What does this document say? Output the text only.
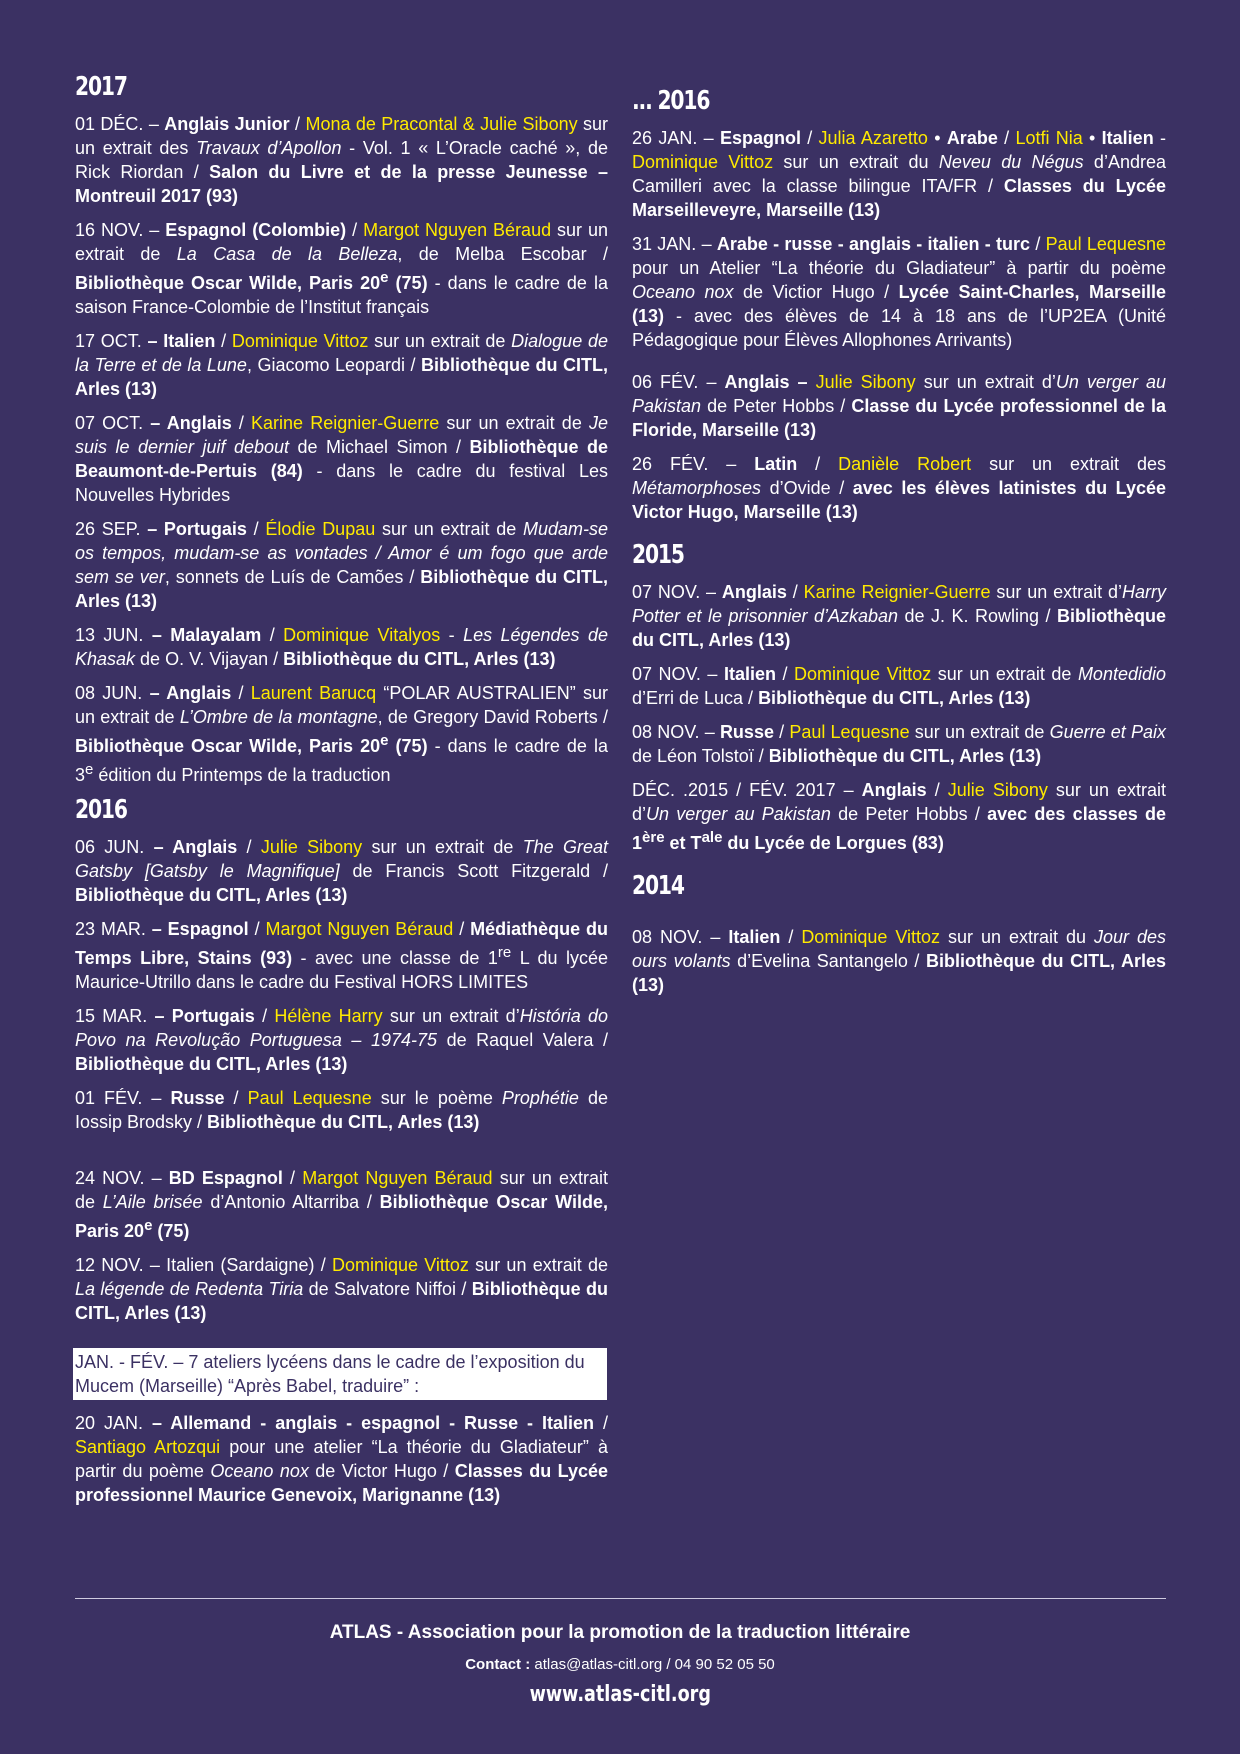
2017

01 DÉC. – Anglais Junior / Mona de Pracontal & Julie Sibony sur un extrait des Travaux d’Apollon - Vol. 1 « L’Oracle caché », de Rick Riordan / Salon du Livre et de la presse Jeunesse – Montreuil 2017 (93)

16 NOV. – Espagnol (Colombie) / Margot Nguyen Béraud sur un extrait de La Casa de la Belleza, de Melba Escobar / Bibliothèque Oscar Wilde, Paris 20e (75) - dans le cadre de la saison France-Colombie de l’Institut français

17 OCT. – Italien / Dominique Vittoz sur un extrait de Dialogue de la Terre et de la Lune, Giacomo Leopardi / Bibliothèque du CITL, Arles (13)

07 OCT. – Anglais / Karine Reignier-Guerre sur un extrait de Je suis le dernier juif debout de Michael Simon / Bibliothèque de Beaumont-de-Pertuis (84) - dans le cadre du festival Les Nouvelles Hybrides

26 SEP. – Portugais / Élodie Dupau sur un extrait de Mudam-se os tempos, mudam-se as vontades / Amor é um fogo que arde sem se ver, sonnets de Luís de Camões / Bibliothèque du CITL, Arles (13)

13 JUN. – Malayalam / Dominique Vitalyos - Les Légendes de Khasak de O. V. Vijayan / Bibliothèque du CITL, Arles (13)

08 JUN. – Anglais / Laurent Barucq “POLAR AUSTRALIEN” sur un extrait de L’Ombre de la montagne, de Gregory David Roberts / Bibliothèque Oscar Wilde, Paris 20e (75) - dans le cadre de la 3e édition du Printemps de la traduction

2016

06 JUN. – Anglais / Julie Sibony sur un extrait de The Great Gatsby [Gatsby le Magnifique] de Francis Scott Fitzgerald / Bibliothèque du CITL, Arles (13)

23 MAR. – Espagnol / Margot Nguyen Béraud / Médiathèque du Temps Libre, Stains (93) - avec une classe de 1re L du lycée Maurice-Utrillo dans le cadre du Festival HORS LIMITES

15 MAR. – Portugais / Hélène Harry sur un extrait d’História do Povo na Revolução Portuguesa – 1974-75 de Raquel Valera / Bibliothèque du CITL, Arles (13)

01 FÉV. – Russe / Paul Lequesne sur le poème Prophétie de Iossip Brodsky / Bibliothèque du CITL, Arles (13)

24 NOV. – BD Espagnol / Margot Nguyen Béraud sur un extrait de L’Aile brisée d’Antonio Altarriba / Bibliothèque Oscar Wilde, Paris 20e (75)

12 NOV. – Italien (Sardaigne) / Dominique Vittoz sur un extrait de La légende de Redenta Tiria de Salvatore Niffoi / Bibliothèque du CITL, Arles (13)

JAN. - FÉV. – 7 ateliers lycéens dans le cadre de l’exposition du Mucem (Marseille) “Après Babel, traduire” :

20 JAN. – Allemand - anglais - espagnol - Russe - Italien / Santiago Artozqui pour une atelier “La théorie du Gladiateur” à partir du poème Oceano nox de Victor Hugo / Classes du Lycée professionnel Maurice Genevoix, Marignanne (13)

... 2016

26 JAN. – Espagnol / Julia Azaretto • Arabe / Lotfi Nia • Italien - Dominique Vittoz sur un extrait du Neveu du Négus d’Andrea Camilleri avec la classe bilingue ITA/FR / Classes du Lycée Marseilleveyre, Marseille (13)

31 JAN. – Arabe - russe - anglais - italien - turc / Paul Lequesne pour un Atelier “La théorie du Gladiateur” à partir du poème Oceano nox de Victior Hugo / Lycée Saint-Charles, Marseille (13) - avec des élèves de 14 à 18 ans de l’UP2EA (Unité Pédagogique pour Élèves Allophones Arrivants)

06 FÉV. – Anglais – Julie Sibony sur un extrait d’Un verger au Pakistan de Peter Hobbs / Classe du Lycée professionnel de la Floride, Marseille (13)

26 FÉV. – Latin / Danièle Robert sur un extrait des Métamorphoses d’Ovide / avec les élèves latinistes du Lycée Victor Hugo, Marseille (13)

2015

07 NOV. – Anglais / Karine Reignier-Guerre sur un extrait d’Harry Potter et le prisonnier d’Azkaban de J. K. Rowling / Bibliothèque du CITL, Arles (13)

07 NOV. – Italien / Dominique Vittoz sur un extrait de Montedidio d’Erri de Luca / Bibliothèque du CITL, Arles (13)

08 NOV. – Russe / Paul Lequesne sur un extrait de Guerre et Paix de Léon Tolstoï / Bibliothèque du CITL, Arles (13)

DÉC. .2015 / FÉV. 2017 – Anglais / Julie Sibony sur un extrait d’Un verger au Pakistan de Peter Hobbs / avec des classes de 1ère et $T^{ale}$ du Lycée de Lorgues (83)

2014

08 NOV. – Italien / Dominique Vittoz sur un extrait du Jour des ours volants d’Evelina Santangelo / Bibliothèque du CITL, Arles (13)

ATLAS - Association pour la promotion de la traduction littéraire
Contact : atlas@atlas-citl.org / 04 90 52 05 50
www.atlas-citl.org
